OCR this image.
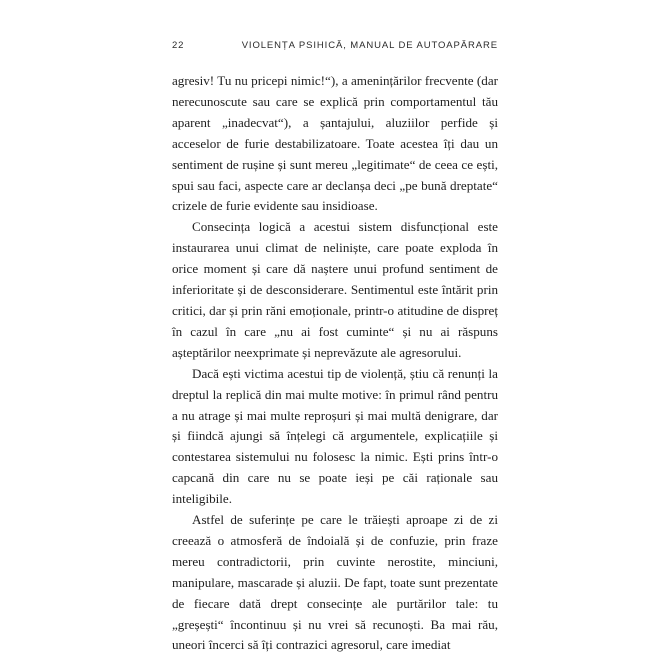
22	VIOLENȚA PSIHICĂ, MANUAL DE AUTOAPĂRARE

agresiv! Tu nu pricepi nimic!“), a amenințărilor frecvente (dar nerecunoscute sau care se explică prin comportamentul tău aparent „inadecvat“), a șantajului, aluziilor perfide și acceselor de furie destabilizatoare. Toate acestea îți dau un sentiment de rușine și sunt mereu „legitimate“ de ceea ce ești, spui sau faci, aspecte care ar declanșa deci „pe bună dreptate“ crizele de furie evidente sau insidioase.

Consecința logică a acestui sistem disfuncțional este instaurarea unui climat de neliniște, care poate exploda în orice moment și care dă naștere unui profund sentiment de inferioritate și de desconsiderare. Sentimentul este întărit prin critici, dar și prin răni emoționale, printr-o atitudine de dispreț în cazul în care „nu ai fost cuminte“ și nu ai răspuns așteptărilor neexprimate și neprevăzute ale agresorului.

Dacă ești victima acestui tip de violență, știu că renunți la dreptul la replică din mai multe motive: în primul rând pentru a nu atrage și mai multe reproșuri și mai multă denigrare, dar și fiindcă ajungi să înțelegi că argumentele, explicațiile și contestarea sistemului nu folosesc la nimic. Ești prins într-o capcană din care nu se poate ieși pe căi raționale sau inteligibile.

Astfel de suferințe pe care le trăiești aproape zi de zi creează o atmosferă de îndoială și de confuzie, prin fraze mereu contradictorii, prin cuvinte nerostite, minciuni, manipulare, mascarade și aluzii. De fapt, toate sunt prezentate de fiecare dată drept consecințe ale purtărilor tale: tu „greșești“ încontinuu și nu vrei să recunoști. Ba mai rău, uneori încerci să îți contrazici agresorul, care imediat
